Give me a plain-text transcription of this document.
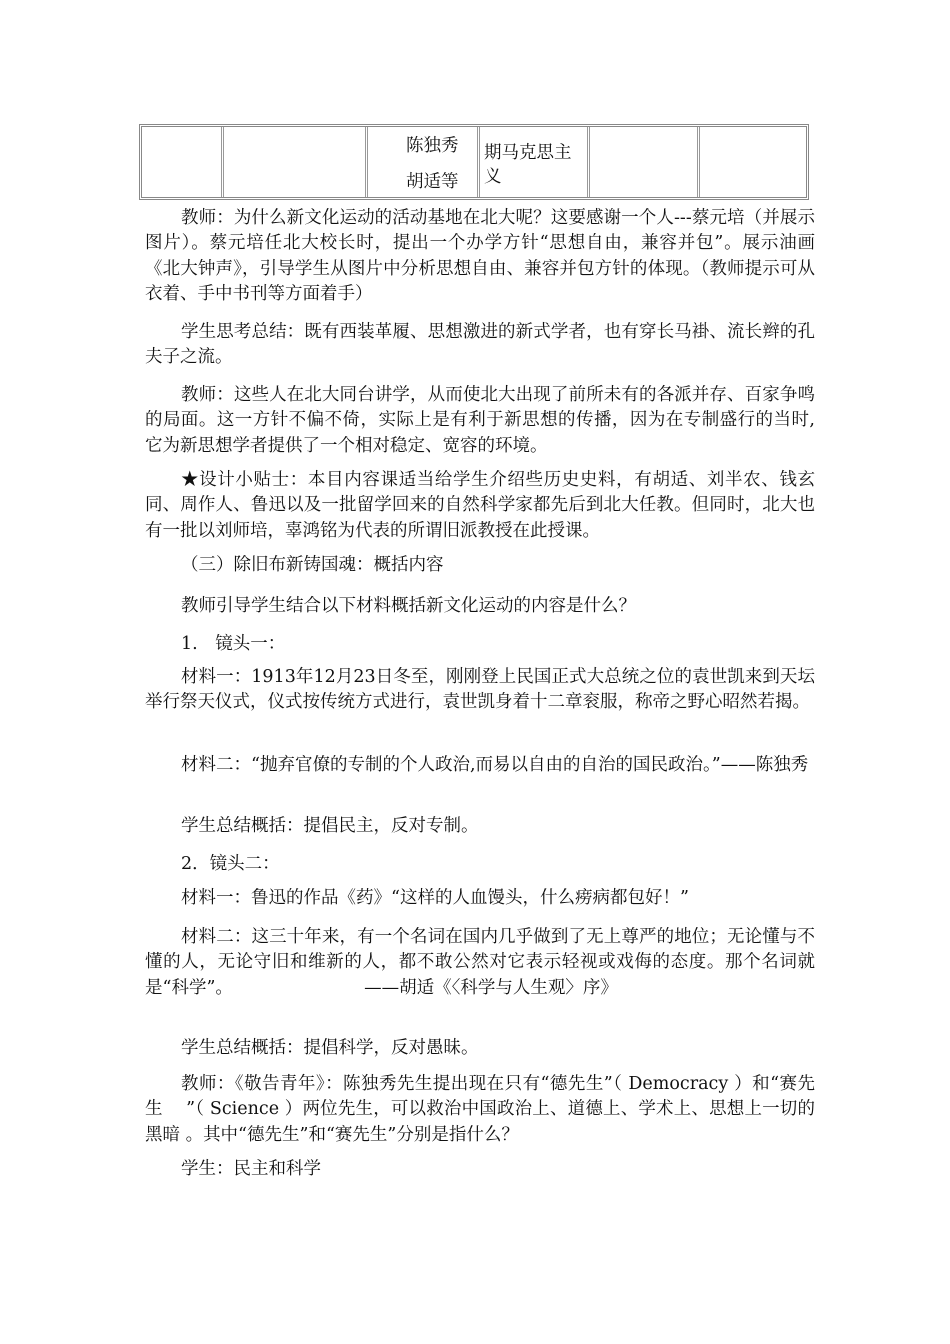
陈独秀
胡适等
期马克思主义

教师：为什么新文化运动的活动基地在北大呢？这要感谢一个人---蔡元培（并展示图片）。蔡元培任北大校长时，提出一个办学方针“思想自由，兼容并包”。展示油画《北大钟声》，引导学生从图片中分析思想自由、兼容并包方针的体现。（教师提示可从衣着、手中书刊等方面着手）

学生思考总结：既有西装革履、思想激进的新式学者，也有穿长马褂、流长辫的孔夫子之流。

教师：这些人在北大同台讲学，从而使北大出现了前所未有的各派并存、百家争鸣的局面。这一方针不偏不倚，实际上是有利于新思想的传播，因为在专制盛行的当时,它为新思想学者提供了一个相对稳定、宽容的环境。

★设计小贴士：本目内容课适当给学生介绍些历史史料，有胡适、刘半农、钱玄同、周作人、鲁迅以及一批留学回来的自然科学家都先后到北大任教。但同时，北大也有一批以刘师培，辜鸿铭为代表的所谓旧派教授在此授课。

（三）除旧布新铸国魂：概括内容

教师引导学生结合以下材料概括新文化运动的内容是什么？

1.　镜头一：

材料一：1913年12月23日冬至，刚刚登上民国正式大总统之位的袁世凯来到天坛举行祭天仪式，仪式按传统方式进行，袁世凯身着十二章衮服，称帝之野心昭然若揭。

材料二：“抛弃官僚的专制的个人政治,而易以自由的自治的国民政治。”——陈独秀

学生总结概括：提倡民主，反对专制。

2．镜头二：

材料一：鲁迅的作品《药》“这样的人血馒头，什么痨病都包好！”

材料二：这三十年来，有一个名词在国内几乎做到了无上尊严的地位；无论懂与不懂的人，无论守旧和维新的人，都不敢公然对它表示轻视或戏侮的态度。那个名词就是“科学”。　　　　　　　　——胡适《〈科学与人生观〉序》

学生总结概括：提倡科学，反对愚昧。

教师：《敬告青年》：陈独秀先生提出现在只有“德先生”（ Democracy ）和“赛先生　 ”（ Science ）两位先生，可以救治中国政治上、道德上、学术上、思想上一切的黑暗 。其中“德先生”和“赛先生”分别是指什么？

学生：民主和科学
